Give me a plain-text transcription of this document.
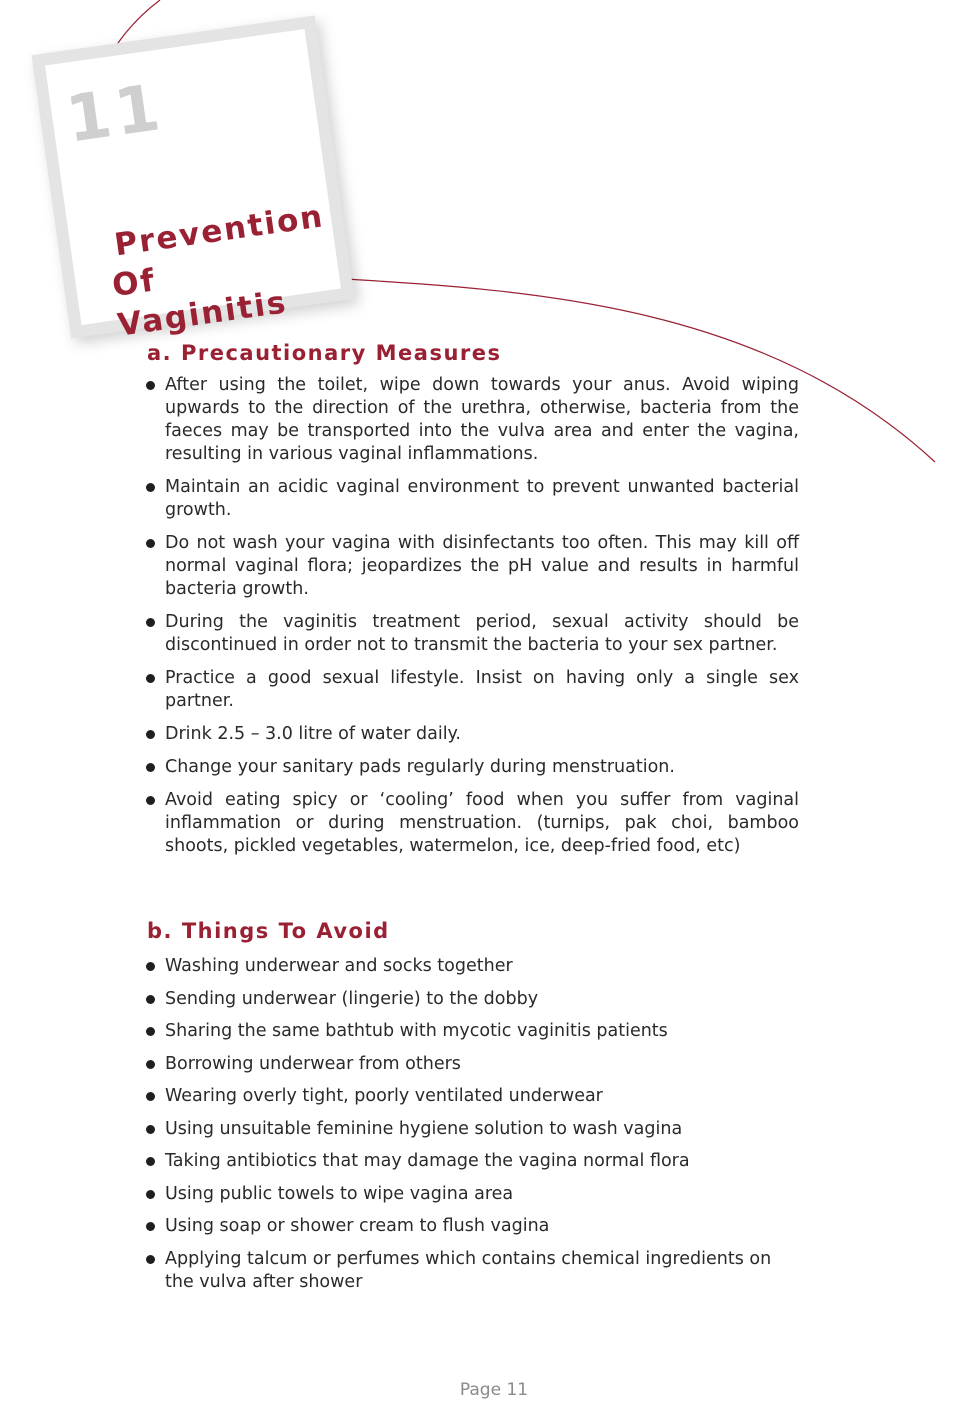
11
Prevention
Of Vaginitis
a. Precautionary Measures
After using the toilet, wipe down towards your anus. Avoid wiping upwards to the direction of the urethra, otherwise, bacteria from the faeces may be transported into the vulva area and enter the vagina, resulting in various vaginal inflammations.
Maintain an acidic vaginal environment to prevent unwanted bacterial growth.
Do not wash your vagina with disinfectants too often. This may kill off normal vaginal flora; jeopardizes the pH value and results in harmful bacteria growth.
During the vaginitis treatment period, sexual activity should be discontinued in order not to transmit the bacteria to your sex partner.
Practice a good sexual lifestyle. Insist on having only a single sex partner.
Drink 2.5 – 3.0 litre of water daily.
Change your sanitary pads regularly during menstruation.
Avoid eating spicy or ‘cooling’ food when you suffer from vaginal inflammation or during menstruation. (turnips, pak choi, bamboo shoots, pickled vegetables, watermelon, ice, deep-fried food, etc)
b. Things To Avoid
Washing underwear and socks together
Sending underwear (lingerie) to the dobby
Sharing the same bathtub with mycotic vaginitis patients
Borrowing underwear from others
Wearing overly tight, poorly ventilated underwear
Using unsuitable feminine hygiene solution to wash vagina
Taking antibiotics that may damage the vagina normal flora
Using public towels to wipe vagina area
Using soap or shower cream to flush vagina
Applying talcum or perfumes which contains chemical ingredients on the vulva after shower
Page 11
